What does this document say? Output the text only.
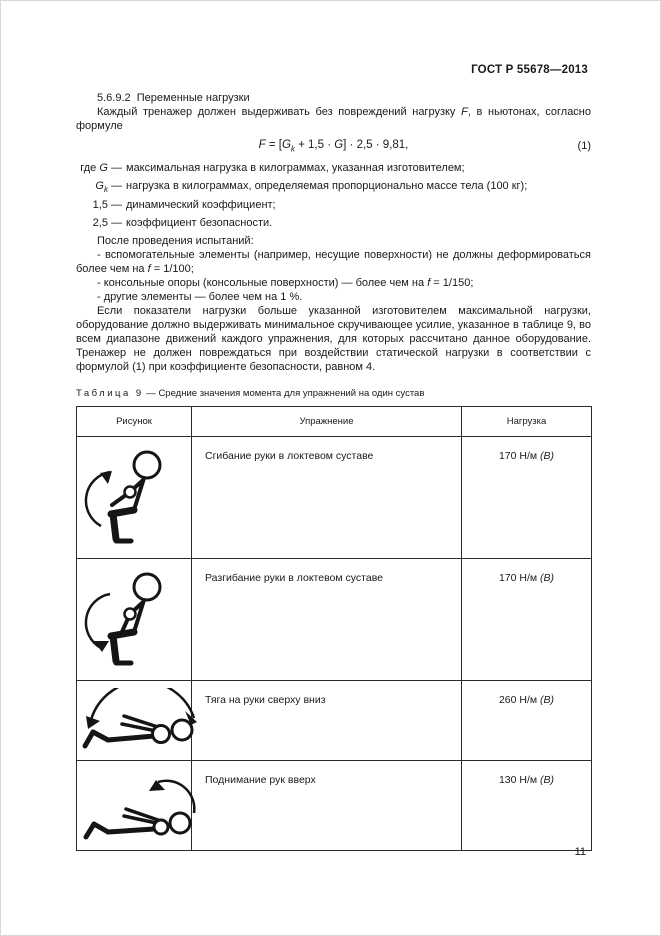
ГОСТ Р 55678—2013

5.6.9.2  Переменные нагрузки

Каждый тренажер должен выдерживать без повреждений нагрузку F, в ньютонах, согласно формуле

$F = [G_k + 1,5 \cdot G] \cdot 2,5 \cdot 9,81$,	(1)
где G — максимальная нагрузка в килограммах, указанная изготовителем;
$G_k$ — нагрузка в килограммах, определяемая пропорционально массе тела (100 кг);
1,5 — динамический коэффициент;
2,5 — коэффициент безопасности.

После проведения испытаний:

- вспомогательные элементы (например, несущие поверхности) не должны деформироваться более чем на f = 1/100;

- консольные опоры (консольные поверхности) — более чем на f = 1/150;

- другие элементы — более чем на 1 %.

Если показатели нагрузки больше указанной изготовителем максимальной нагрузки, оборудование должно выдерживать минимальное скручивающее усилие, указанное в таблице 9, во всем диапазоне движений каждого упражнения, для которых рассчитано данное оборудование. Тренажер не должен повреждаться при воздействии статической нагрузки в соответствии с формулой (1) при коэффициенте безопасности, равном 4.

Таблица 9 — Средние значения момента для упражнений на один сустав
Рисунок	Упражнение	Нагрузка
	Сгибание руки в локтевом суставе	170 Н/м (В)
	Разгибание руки в локтевом суставе	170 Н/м (В)
	Тяга на руки сверху вниз	260 Н/м (В)
	Поднимание рук вверх	130 Н/м (В)
11
